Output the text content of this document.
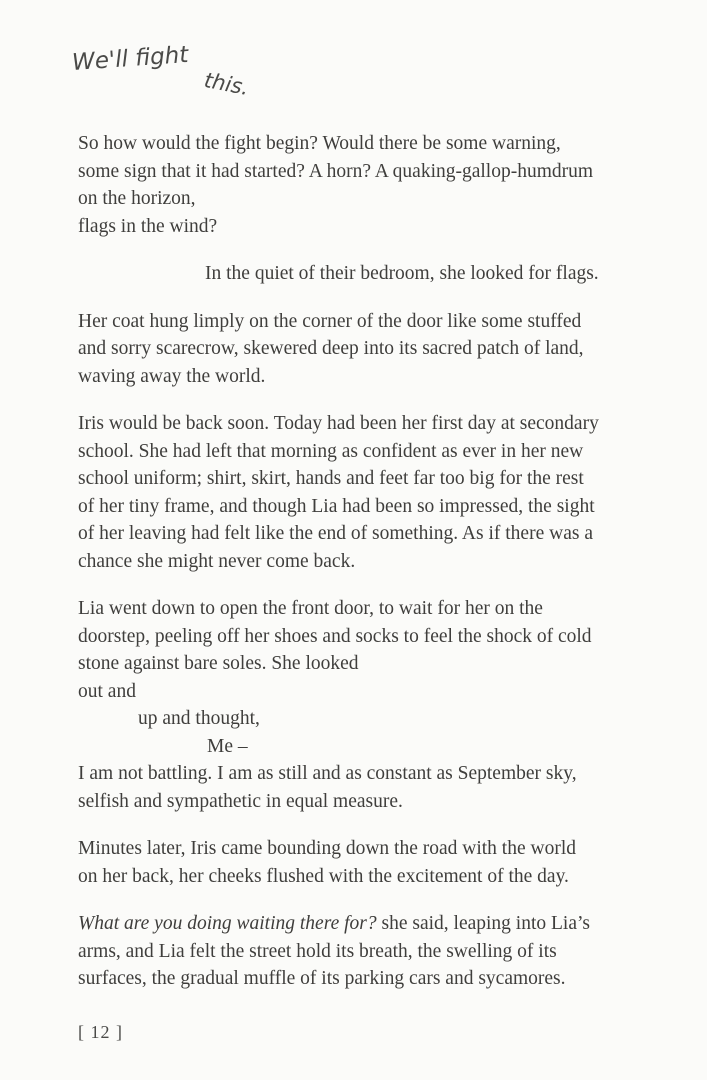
We'll fight
this.

So how would the fight begin? Would there be some warning,
some sign that it had started? A horn? A quaking-gallop-humdrum
on the horizon,
flags in the wind?

In the quiet of their bedroom, she looked for flags.

Her coat hung limply on the corner of the door like some stuffed
and sorry scarecrow, skewered deep into its sacred patch of land,
waving away the world.

Iris would be back soon. Today had been her first day at secondary
school. She had left that morning as confident as ever in her new
school uniform; shirt, skirt, hands and feet far too big for the rest
of her tiny frame, and though Lia had been so impressed, the sight
of her leaving had felt like the end of something. As if there was a
chance she might never come back.

Lia went down to open the front door, to wait for her on the
doorstep, peeling off her shoes and socks to feel the shock of cold
stone against bare soles. She looked
out and
up and thought,
Me –
I am not battling. I am as still and as constant as September sky,
selfish and sympathetic in equal measure.

Minutes later, Iris came bounding down the road with the world
on her back, her cheeks flushed with the excitement of the day.

What are you doing waiting there for? she said, leaping into Lia’s
arms, and Lia felt the street hold its breath, the swelling of its
surfaces, the gradual muffle of its parking cars and sycamores.

[ 12 ]
